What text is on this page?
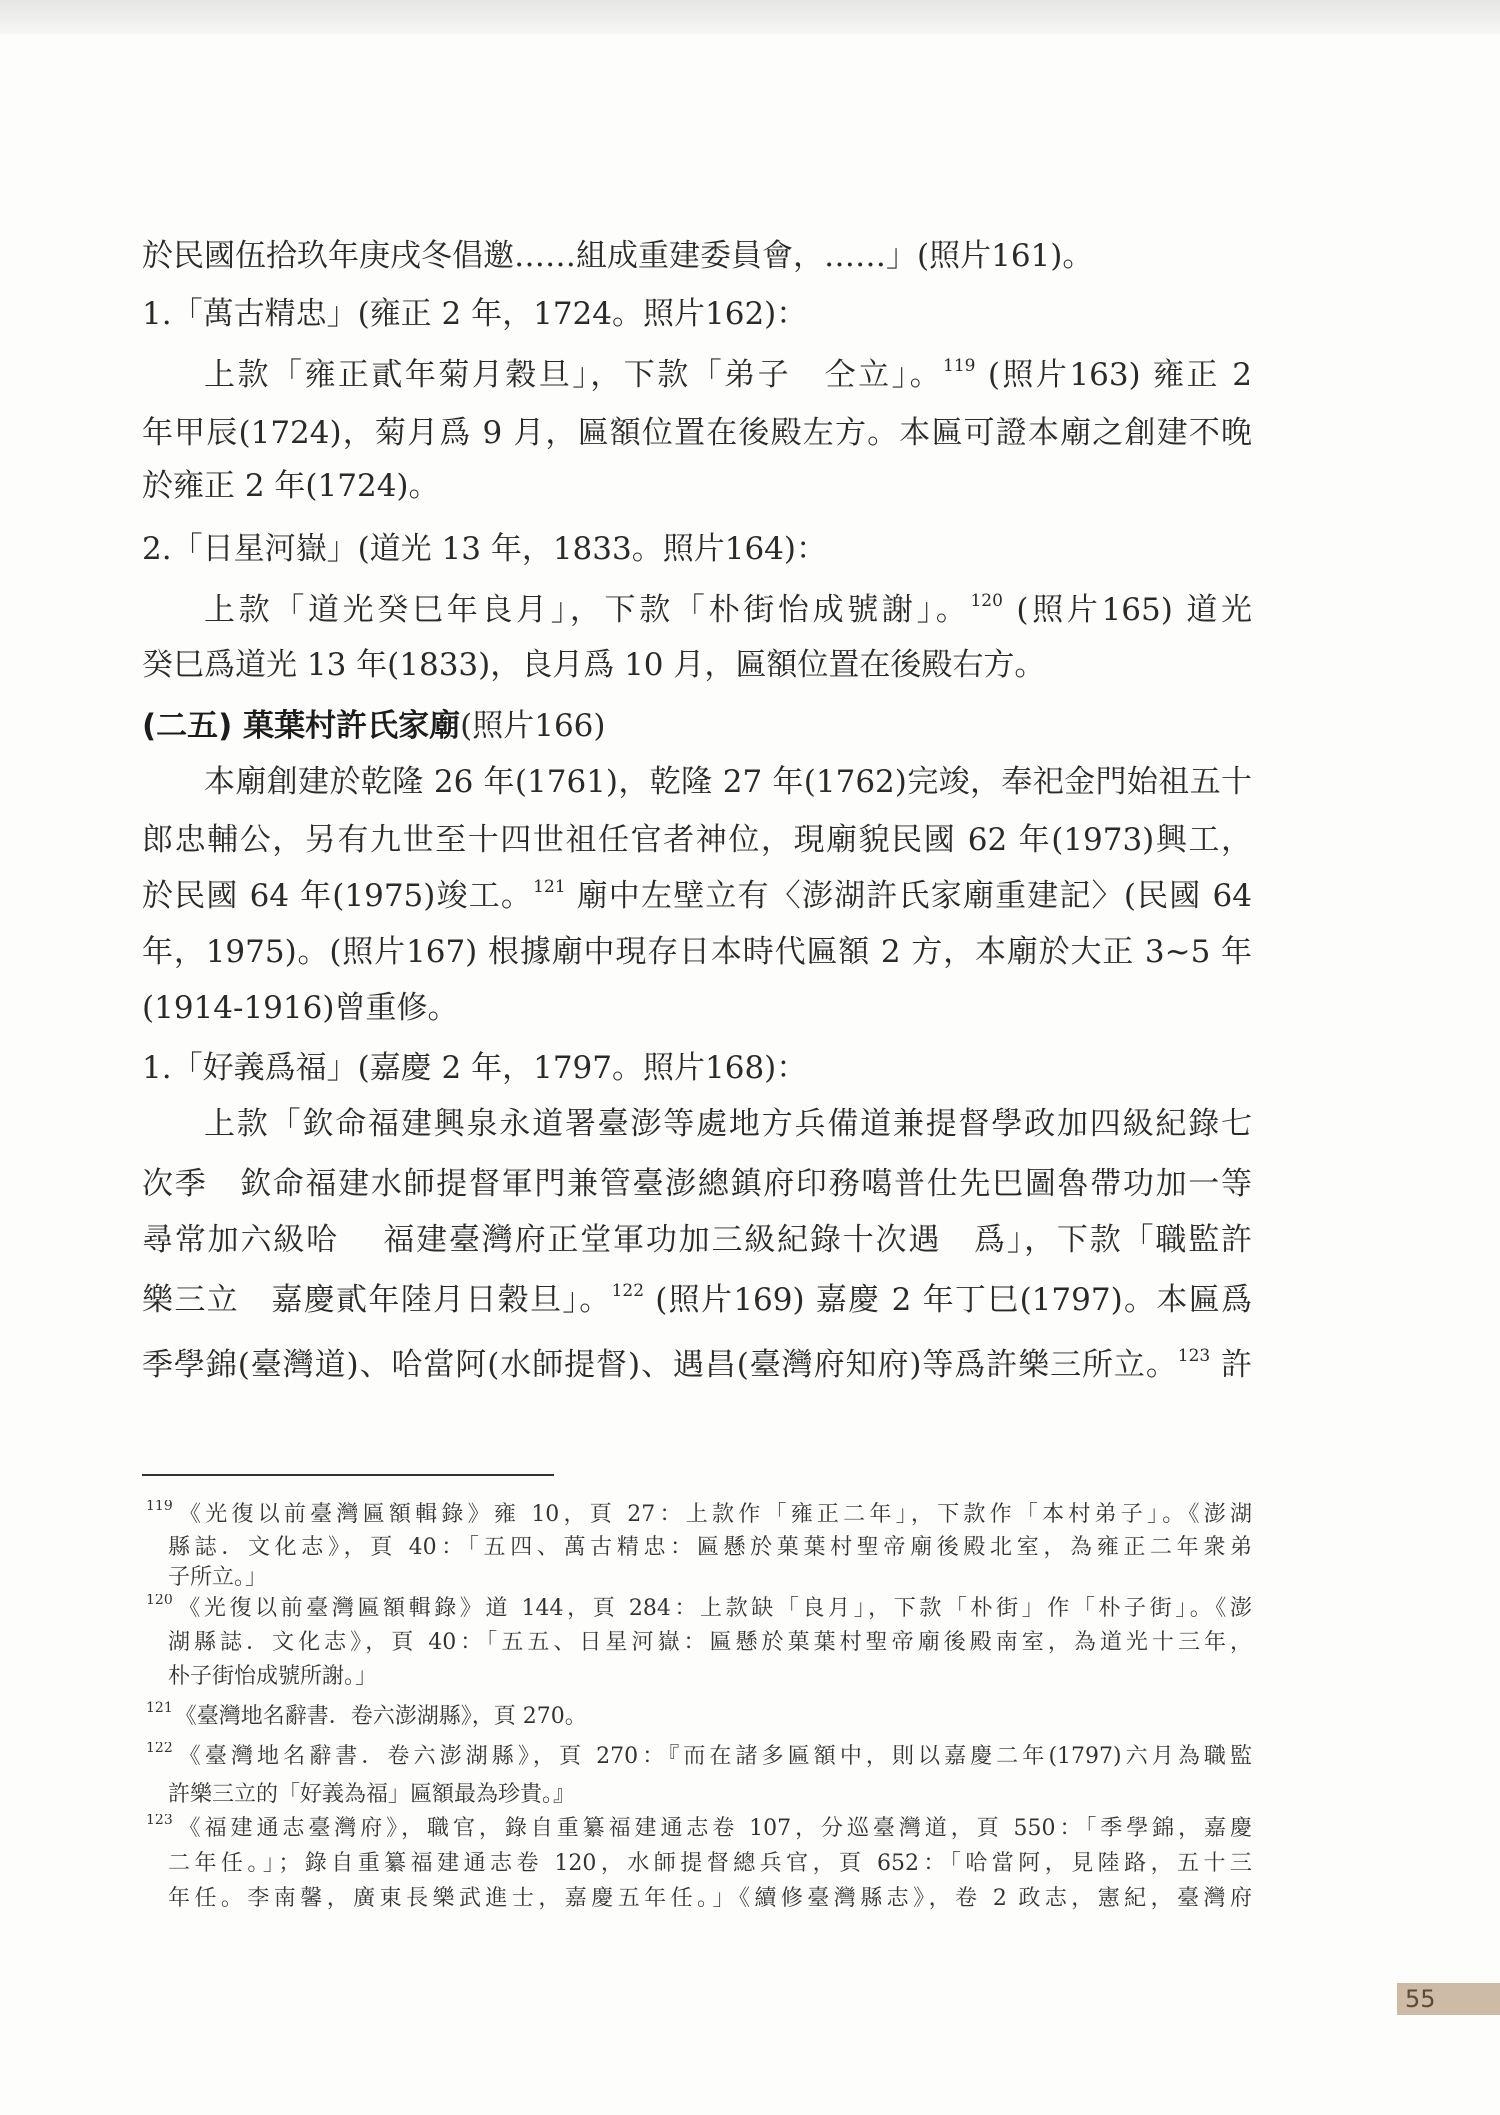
於民國伍拾玖年庚戌冬倡邀……組成重建委員會，……」(照片161)。
1.「萬古精忠」(雍正 2 年，1724。照片162)：
上款「雍正貳年菊月穀旦」，下款「弟子　仝立」。$^{119}$ (照片163) 雍正 2
年甲辰(1724)，菊月爲 9 月，匾額位置在後殿左方。本匾可證本廟之創建不晚
於雍正 2 年(1724)。
2.「日星河嶽」(道光 13 年，1833。照片164)：
上款「道光癸巳年良月」，下款「朴街怡成號謝」。$^{120}$ (照片165) 道光
癸巳爲道光 13 年(1833)，良月爲 10 月，匾額位置在後殿右方。
(二五) 菓葉村許氏家廟(照片166)
本廟創建於乾隆 26 年(1761)，乾隆 27 年(1762)完竣，奉祀金門始祖五十
郎忠輔公，另有九世至十四世祖任官者神位，現廟貌民國 62 年(1973)興工，
於民國 64 年(1975)竣工。$^{121}$ 廟中左壁立有〈澎湖許氏家廟重建記〉(民國 64
年，1975)。(照片167) 根據廟中現存日本時代匾額 2 方，本廟於大正 3~5 年
(1914-1916)曾重修。
1.「好義爲福」(嘉慶 2 年，1797。照片168)：
上款「欽命福建興泉永道署臺澎等處地方兵備道兼提督學政加四級紀錄七
次季　欽命福建水師提督軍門兼管臺澎總鎮府印務噶普仕先巴圖魯帶功加一等
尋常加六級哈　 福建臺灣府正堂軍功加三級紀錄十次遇　爲」，下款「職監許
樂三立　嘉慶貳年陸月日穀旦」。$^{122}$ (照片169) 嘉慶 2 年丁巳(1797)。本匾爲
季學錦(臺灣道)、哈當阿(水師提督)、遇昌(臺灣府知府)等爲許樂三所立。$^{123}$ 許
$^{119}$《光復以前臺灣匾額輯錄》雍 10，頁 27：上款作「雍正二年」，下款作「本村弟子」。《澎湖
縣誌．文化志》，頁 40：「五四、萬古精忠：匾懸於菓葉村聖帝廟後殿北室，為雍正二年衆弟
子所立。」
$^{120}$《光復以前臺灣匾額輯錄》道 144，頁 284：上款缺「良月」，下款「朴街」作「朴子街」。《澎
湖縣誌．文化志》，頁 40：「五五、日星河嶽：匾懸於菓葉村聖帝廟後殿南室，為道光十三年，
朴子街怡成號所謝。」
$^{121}$《臺灣地名辭書．卷六澎湖縣》，頁 270。
$^{122}$《臺灣地名辭書．卷六澎湖縣》，頁 270：『而在諸多匾額中，則以嘉慶二年(1797)六月為職監
許樂三立的「好義為福」匾額最為珍貴。』
$^{123}$《福建通志臺灣府》，職官，錄自重纂福建通志卷 107，分巡臺灣道，頁 550：「季學錦，嘉慶
二年任。」；錄自重纂福建通志卷 120，水師提督總兵官，頁 652：「哈當阿，見陸路，五十三
年任。李南馨，廣東長樂武進士，嘉慶五年任。」《續修臺灣縣志》，卷 2 政志，憲紀，臺灣府
55
